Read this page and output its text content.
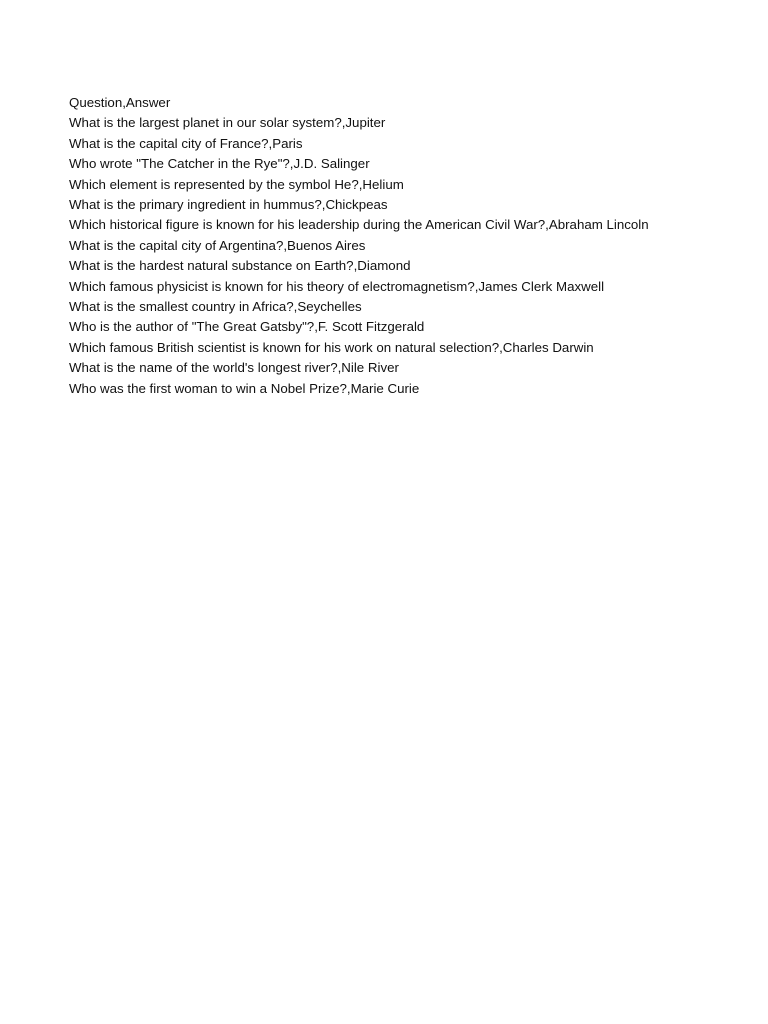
Question,Answer
What is the largest planet in our solar system?,Jupiter
What is the capital city of France?,Paris
Who wrote "The Catcher in the Rye"?,J.D. Salinger
Which element is represented by the symbol He?,Helium
What is the primary ingredient in hummus?,Chickpeas
Which historical figure is known for his leadership during the American Civil War?,Abraham Lincoln
What is the capital city of Argentina?,Buenos Aires
What is the hardest natural substance on Earth?,Diamond
Which famous physicist is known for his theory of electromagnetism?,James Clerk Maxwell
What is the smallest country in Africa?,Seychelles
Who is the author of "The Great Gatsby"?,F. Scott Fitzgerald
Which famous British scientist is known for his work on natural selection?,Charles Darwin
What is the name of the world's longest river?,Nile River
Who was the first woman to win a Nobel Prize?,Marie Curie
